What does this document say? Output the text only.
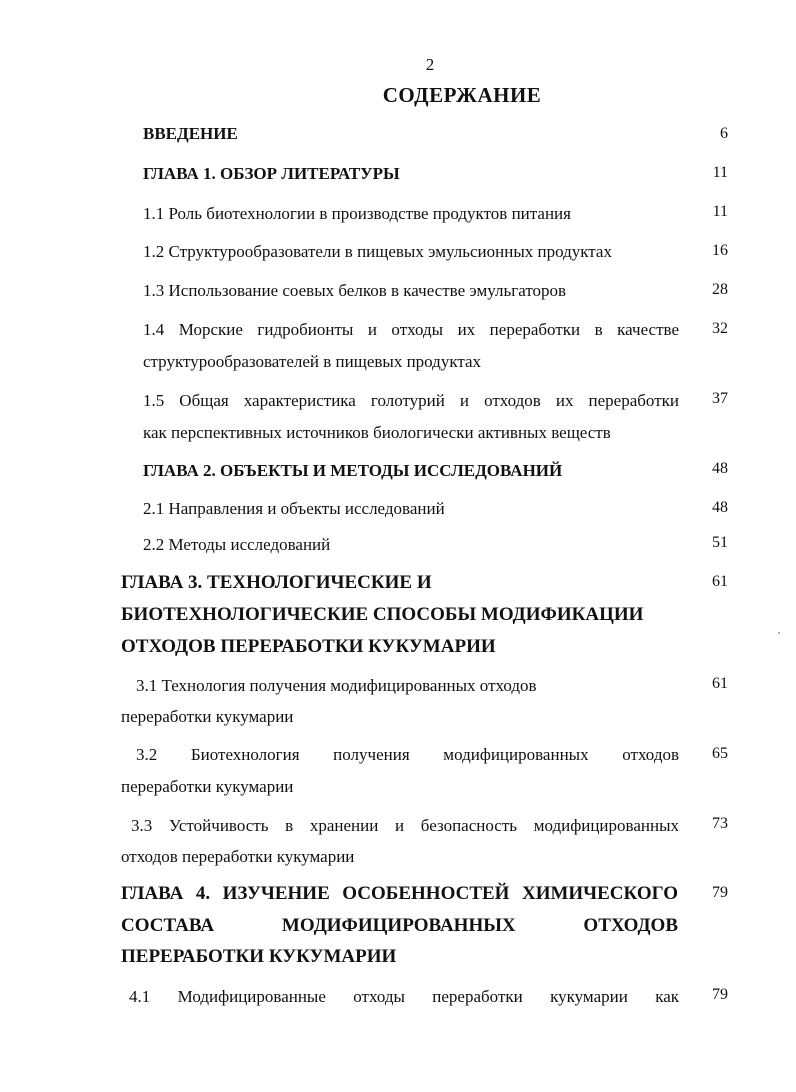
2
СОДЕРЖАНИЕ
ВВЕДЕНИЕ	6
ГЛАВА 1. ОБЗОР ЛИТЕРАТУРЫ	11
1.1 Роль биотехнологии в производстве продуктов питания	11
1.2 Структурообразователи в пищевых эмульсионных продуктах	16
1.3 Использование соевых белков в качестве эмульгаторов	28
1.4 Морские гидробионты и отходы их переработки в качестве
структурообразователей в пищевых продуктах
32
1.5 Общая характеристика голотурий и отходов их переработки
как перспективных источников биологически активных веществ
37
ГЛАВА 2. ОБЪЕКТЫ И МЕТОДЫ ИССЛЕДОВАНИЙ	48
2.1 Направления и объекты исследований	48
2.2 Методы исследований	51
ГЛАВА 3. ТЕХНОЛОГИЧЕСКИЕ И
БИОТЕХНОЛОГИЧЕСКИЕ СПОСОБЫ МОДИФИКАЦИИ
ОТХОДОВ ПЕРЕРАБОТКИ КУКУМАРИИ
61
3.1 Технология получения модифицированных отходов
переработки кукумарии
61
3.2 Биотехнология получения модифицированных отходов
переработки кукумарии
65
3.3 Устойчивость в хранении и безопасность модифицированных
отходов переработки кукумарии
73
ГЛАВА 4. ИЗУЧЕНИЕ ОСОБЕННОСТЕЙ ХИМИЧЕСКОГО
СОСТАВА МОДИФИЦИРОВАННЫХ ОТХОДОВ
ПЕРЕРАБОТКИ КУКУМАРИИ
79
4.1 Модифицированные отходы переработки кукумарии как	79
